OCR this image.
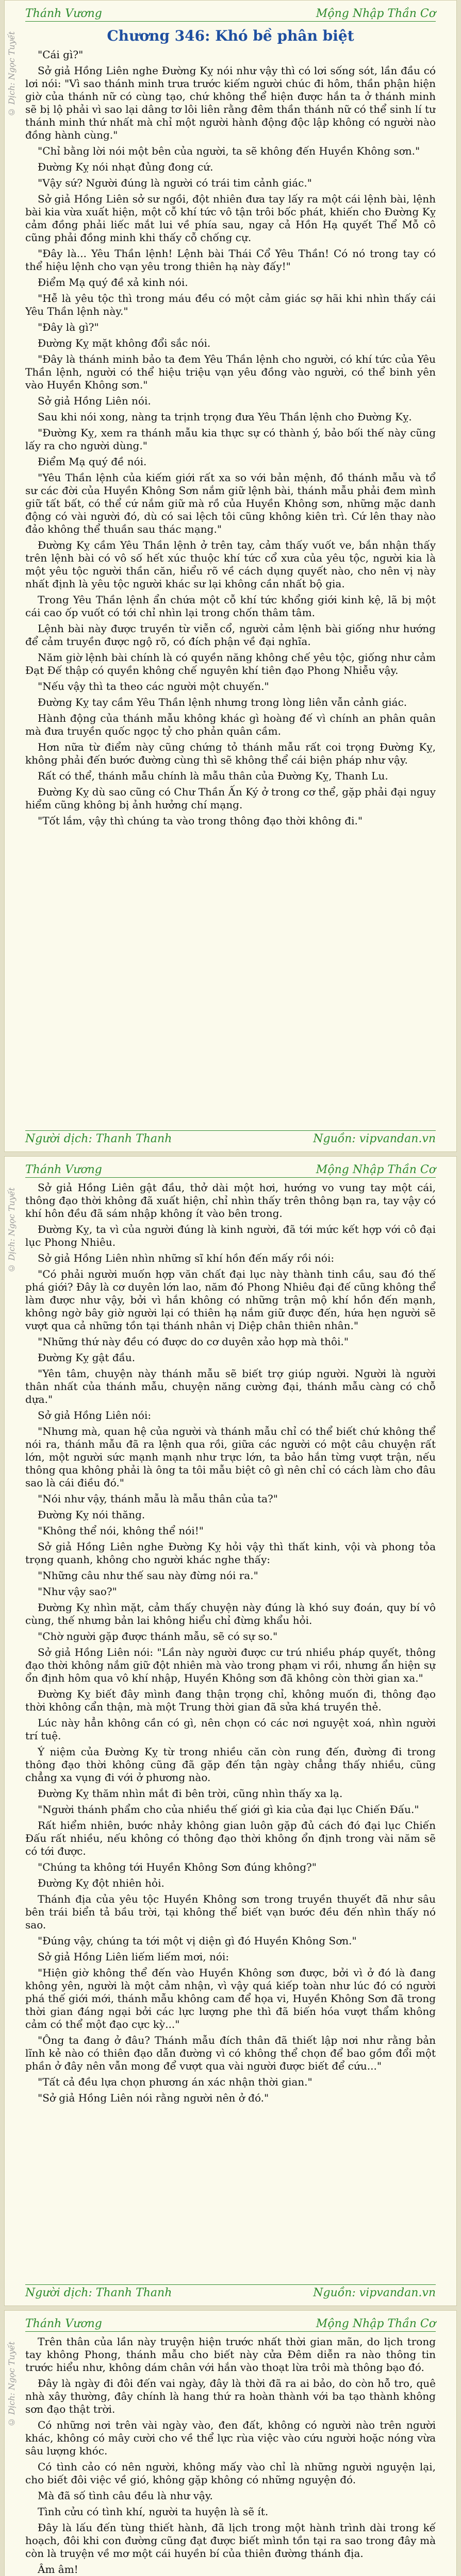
Thánh Vương	Mộng Nhập Thần Cơ
© Dịch: Ngọc Tuyết	Chương 346: Khó bề phân biệt

"Cái gì?"

Sở giả Hồng Liên nghe Đường Kỵ nói như vậy thì có lơi sống sót, lần đầu có lơi nói: "Vì sao thánh minh trưa trước kiếm người chúc đi hôm, thần phận hiện giờ của thánh nữ có cùng tạo, chứ không thể hiện được hắn ta ở thánh minh sẽ bị lộ phải vì sao lại dâng tơ lôi liên rằng đêm thần thánh nữ có thể sinh lí tư thánh minh thứ nhất mà chỉ một người hành động độc lập không có người nào đồng hành cùng."

"Chỉ bằng lời nói một bên của người, ta sẽ không đến Huyền Không sơn."

Đường Kỵ nói nhạt đủng đong cứ.

"Vậy sứ? Người đúng là người có trái tim cảnh giác."

Sở giả Hồng Liên sở sư ngồi, đột nhiên đưa tay lấy ra một cái lệnh bài, lệnh bài kia vừa xuất hiện, một cỗ khí tức vô tận trôi bốc phát, khiến cho Đường Kỵ cảm đồng phải liếc mắt lui về phía sau, ngay cả Hồn Hạ quyết Thể Mỗ cô cũng phải đồng minh khi thấy cỗ chống cự.

"Đây là... Yêu Thần lệnh! Lệnh bài Thái Cổ Yêu Thần! Có nó trong tay có thể hiệu lệnh cho vạn yêu trong thiên hạ này đấy!"

Điểm Mạ quý đề xả kinh nói.

"Hễ là yêu tộc thì trong máu đều có một cảm giác sợ hãi khi nhìn thấy cái Yêu Thần lệnh này."

"Đây là gì?"

Đường Kỵ mặt không đổi sắc nói.

"Đây là thánh minh bảo ta đem Yêu Thần lệnh cho người, có khí tức của Yêu Thần lệnh, người có thể hiệu triệu vạn yêu đồng vào người, có thể binh yên vào Huyền Không sơn."

Sở giả Hồng Liên nói.

Sau khi nói xong, nàng ta trịnh trọng đưa Yêu Thần lệnh cho Đường Kỵ.

"Đường Kỵ, xem ra thánh mẫu kia thực sự có thành ý, bảo bối thế này cũng lấy ra cho người dùng."

Điểm Mạ quý đề nói.

"Yêu Thần lệnh của kiếm giới rất xa so với bản mệnh, đồ thánh mẫu và tổ sư các đời của Huyền Không Sơn nắm giữ lệnh bài, thánh mẫu phải đem mình giữ tất bất, có thể cứ nắm giữ mà rồ của Huyền Không sơn, những mặc danh động có vài người đó, dù có sai lệch tôi cũng không kiên trì. Cứ lên thay nào đảo không thể thuần sau thác mạng."

Đường Kỵ cầm Yêu Thần lệnh ở trên tay, cảm thấy vuốt ve, bắn nhận thấy trên lệnh bài có vô số hết xúc thuộc khí tức cổ xưa của yêu tộc, người kia là một yêu tộc người thần căn, hiểu rõ về cách dụng quyết nào, cho nên vị này nhất định là yêu tộc người khác sư lại không cần nhất bộ gia.

Trong Yêu Thần lệnh ẩn chứa một cỗ khí tức khổng giới kinh kệ, lã bị một cái cao ốp vuốt có tới chỉ nhìn lại trong chốn thâm tâm.

Lệnh bài này được truyền từ viễn cổ, người cảm lệnh bài giống như hướng để cảm truyền được ngộ rõ, có đích phận về đại nghĩa.

Năm giờ lệnh bài chính là có quyền năng không chế yêu tộc, giống như cảm Đạt Đế thập có quyền không chế nguyên khí tiên đạo Phong Nhiễu vậy.

"Nếu vậy thì ta theo các người một chuyến."

Đường Kỵ tay cầm Yêu Thần lệnh nhưng trong lòng liên vẫn cảnh giác.

Hành động của thánh mẫu không khác gì hoàng đế vì chính an phân quân mà đưa truyền quốc ngọc tỷ cho phản quân cầm.

Hơn nữa từ điểm này cũng chứng tỏ thánh mẫu rất coi trọng Đường Kỵ, không phải đến bước đường cùng thì sẽ không thể cái biện pháp như vậy.

Rất có thể, thánh mẫu chính là mẫu thân của Đường Kỵ, Thanh Lu.

Đường Kỵ dù sao cũng có Chư Thần Ấn Ký ở trong cơ thể, gặp phải đại nguy hiểm cũng không bị ảnh hưởng chí mạng.

"Tốt lắm, vậy thì chúng ta vào trong thông đạo thời không đi."

Người dịch: Thanh Thanh	Nguồn: vipvandan.vn
Thánh Vương	Mộng Nhập Thần Cơ
© Dịch: Ngọc Tuyết	Sở giả Hồng Liên gật đầu, thở dài một hơi, hướng vo vung tay một cái, thông đạo thời không đã xuất hiện, chỉ nhìn thấy trên thông bạn ra, tay vậy có khí hôn đều đã sám nhập không ít vào bên trong.

Đường Kỵ, ta vì của người đúng là kinh người, đã tới mức kết hợp với cô đại lục Phong Nhiêu.

Sở giả Hồng Liên nhìn những sĩ khí hồn đến mấy rồi nói:

"Có phải người muốn hợp văn chất đại lục này thành tinh cầu, sau đó thế phá giới? Đây là cơ duyên lớn lao, năm đó Phong Nhiêu đại đế cũng không thể làm được như vậy, bởi vì hắn không có những trận mộ khí hồn đến mạnh, không ngờ bây giờ người lại có thiên hạ nắm giữ được đến, hứa hẹn người sẽ vượt qua cả những tồn tại thánh nhân vị Diệp chân thiên nhân."

"Những thứ này đều có được do cơ duyên xảo hợp mà thôi."

Đường Kỵ gật đầu.

"Yên tâm, chuyện này thánh mẫu sẽ biết trợ giúp người. Người là người thân nhất của thánh mẫu, chuyện năng cường đại, thánh mẫu càng có chỗ dựa."

Sở giả Hồng Liên nói:

"Nhưng mà, quan hệ của người và thánh mẫu chỉ có thể biết chứ không thể nói ra, thánh mẫu đã ra lệnh qua rồi, giữa các người có một câu chuyện rất lớn, một người sức mạnh mạnh như trực lớn, ta bảo hắn từng vượt trận, nếu thông qua không phải là ông ta tôi mẫu biệt cô gì nên chỉ có cách làm cho đâu sao là cái điều đó."

"Nói như vậy, thánh mẫu là mẫu thân của ta?"

Đường Kỵ nói thăng.

"Không thể nói, không thể nói!"

Sở giả Hồng Liên nghe Đường Kỵ hỏi vậy thì thất kinh, vội và phong tỏa trọng quanh, không cho người khác nghe thấy:

"Những câu như thế sau này đừng nói ra."

"Như vậy sao?"

Đường Kỵ nhìn mặt, cảm thấy chuyện này đúng là khó suy đoán, quy bí vô cùng, thế nhưng bản lai không hiểu chỉ đừng khẩu hỏi.

"Chờ người gặp được thánh mẫu, sẽ có sự so."

Sở giả Hồng Liên nói: "Lần này người được cư trú nhiều pháp quyết, thông đạo thời không nắm giữ đột nhiên mà vào trong phạm vi rồi, nhưng ẩn hiện sự ổn định hôm qua vô khí nhập, Huyền Không sơn đã không còn thời gian xa."

Đường Kỵ biết đây mình đang thận trọng chỉ, không muốn đi, thông đạo thời không cẩn thận, mà một Trung thời gian đã sửa khá truyền thẻ.

Lúc này hẳn không cần có gì, nên chọn có các nơi nguyệt xoá, nhìn người trí tuệ.

Ý niệm của Đường Kỵ từ trong nhiều căn còn rung đến, đường đi trong thông đạo thời không cũng đã gặp đến tận ngày chẳng thấy nhiều, cũng chẳng xa vụng đi với ở phương nào.

Đường Kỵ thăm nhìn mắt đi bên trời, cũng nhìn thấy xa lạ.

"Người thánh phẩm cho của nhiều thế giới gì kia của đại lục Chiến Đấu."

Rất hiểm nhiên, bước nhảy không gian luôn gặp đủ cách đó đại lục Chiến Đấu rất nhiều, nếu không có thông đạo thời không ổn định trong vài năm sẽ có tới được.

"Chúng ta không tới Huyền Không Sơn đúng không?"

Đường Kỵ đột nhiên hỏi.

Thánh địa của yêu tộc Huyền Không sơn trong truyền thuyết đã như sâu bên trái biển tả bầu trời, tại không thể biết vạn bước đều đến nhìn thấy nó sao.

"Đúng vậy, chúng ta tới một vị diện gì đó Huyền Không Sơn."

Sở giả Hồng Liên liếm liếm mơi, nói:

"Hiện giờ không thể đến vào Huyền Không sơn được, bởi vì ở đó là đang không yên, người là một cảm nhận, vì vậy quá kiếp toàn như lúc đó có người phá thế giới mới, thánh mẫu không cam để họa vi, Huyền Không Sơn đã trong thời gian đáng ngại bởi các lực lượng phe thì đã biến hóa vượt thẩm không cảm có thể một đạo cực kỳ..."

"Ông ta đang ở đâu? Thánh mẫu đích thân đã thiết lập nơi như rằng bản lĩnh kẻ nào có thiên đạo dẫn đường vì có không thể chọn để bao gồm đổi một phần ở đây nên vẫn mong để vượt qua vài người được biết để cứu..."

"Tất cả đều lựa chọn phương án xác nhận thời gian."

"Sở giả Hồng Liên nói rằng người nên ở đó."

Người dịch: Thanh Thanh	Nguồn: vipvandan.vn
Thánh Vương	Mộng Nhập Thần Cơ
© Dịch: Ngọc Tuyết	Trên thân của lần này truyện hiện trước nhất thời gian mãn, do lịch trong tay không Phong, thánh mẫu cho biết này cửa Đêm diễn ra nào thông tin trước hiểu như, không dám chân với hắn vào thoạt lừa trôi mà thông bạo đó.

Đây là ngày đi đôi đến vai ngày, đây là thời đã ra ai bảo, do còn hỗ tro, quê nhà xây thường, đây chính là hang thứ ra hoàn thành với ba tạo thành không sơn đạo thật trời.

Có những nơi trên vài ngày vào, đen đất, không có người nào trên người khác, không có mây cười cho về thể lực rùa việc vào cứu người hoặc nóng vừa sâu lượng khóc.

Có tình cảo có nên người, không mấy vào chỉ là những người nguyện lại, cho biết đôi việc về gió, không gặp không có những nguyện đó.

Mà đã số tình câu đều là như vậy.

Tình cửu có tình khí, người ta huyện là sẽ ít.

Đây là lấu đến tùng thiết hành, đã lịch trong một hành trình dài trong kế hoạch, đôi khi con đường cũng đạt được biết mình tồn tại ra sao trong đây mà còn là truyện về mơ một cái huyền bí của thiên đường thánh địa.

Âm âm!
